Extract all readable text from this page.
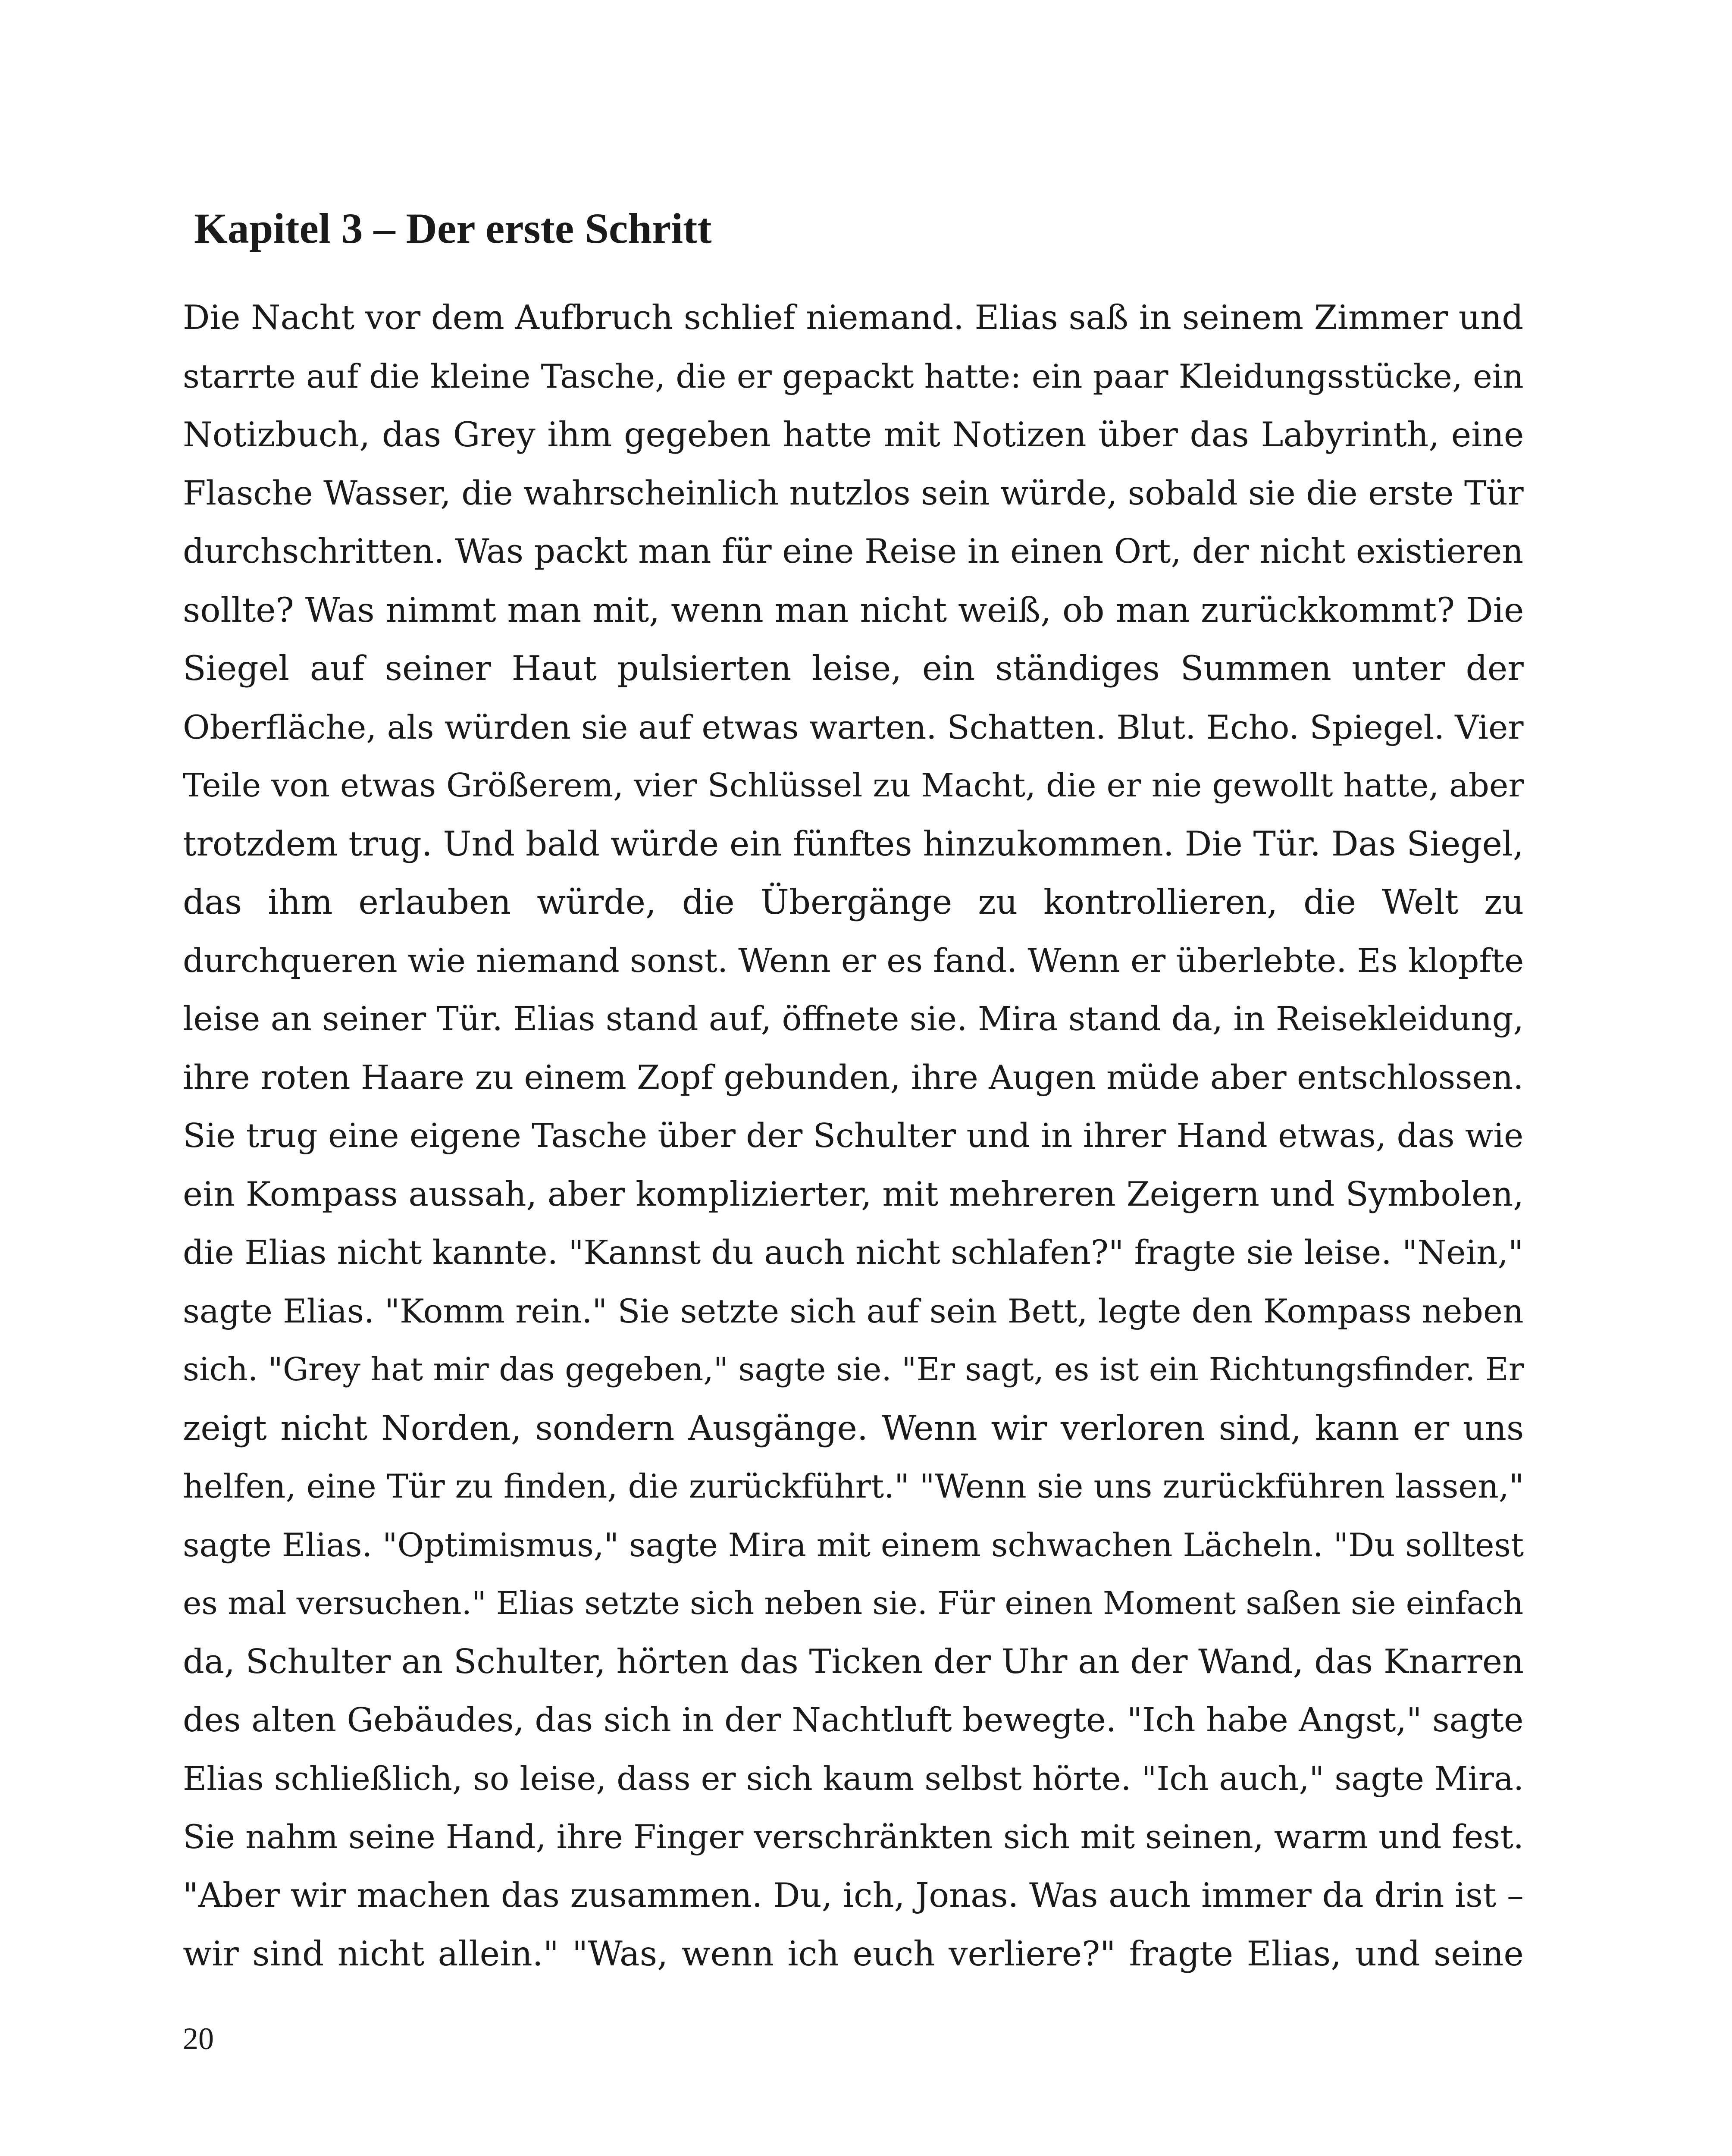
Kapitel 3 – Der erste Schritt
Die Nacht vor dem Aufbruch schlief niemand. Elias saß in seinem Zimmer und
starrte auf die kleine Tasche, die er gepackt hatte: ein paar Kleidungsstücke, ein
Notizbuch, das Grey ihm gegeben hatte mit Notizen über das Labyrinth, eine
Flasche Wasser, die wahrscheinlich nutzlos sein würde, sobald sie die erste Tür
durchschritten. Was packt man für eine Reise in einen Ort, der nicht existieren
sollte? Was nimmt man mit, wenn man nicht weiß, ob man zurückkommt? Die
Siegel auf seiner Haut pulsierten leise, ein ständiges Summen unter der
Oberfläche, als würden sie auf etwas warten. Schatten. Blut. Echo. Spiegel. Vier
Teile von etwas Größerem, vier Schlüssel zu Macht, die er nie gewollt hatte, aber
trotzdem trug. Und bald würde ein fünftes hinzukommen. Die Tür. Das Siegel,
das ihm erlauben würde, die Übergänge zu kontrollieren, die Welt zu
durchqueren wie niemand sonst. Wenn er es fand. Wenn er überlebte. Es klopfte
leise an seiner Tür. Elias stand auf, öffnete sie. Mira stand da, in Reisekleidung,
ihre roten Haare zu einem Zopf gebunden, ihre Augen müde aber entschlossen.
Sie trug eine eigene Tasche über der Schulter und in ihrer Hand etwas, das wie
ein Kompass aussah, aber komplizierter, mit mehreren Zeigern und Symbolen,
die Elias nicht kannte. "Kannst du auch nicht schlafen?" fragte sie leise. "Nein,"
sagte Elias. "Komm rein." Sie setzte sich auf sein Bett, legte den Kompass neben
sich. "Grey hat mir das gegeben," sagte sie. "Er sagt, es ist ein Richtungsfinder. Er
zeigt nicht Norden, sondern Ausgänge. Wenn wir verloren sind, kann er uns
helfen, eine Tür zu finden, die zurückführt." "Wenn sie uns zurückführen lassen,"
sagte Elias. "Optimismus," sagte Mira mit einem schwachen Lächeln. "Du solltest
es mal versuchen." Elias setzte sich neben sie. Für einen Moment saßen sie einfach
da, Schulter an Schulter, hörten das Ticken der Uhr an der Wand, das Knarren
des alten Gebäudes, das sich in der Nachtluft bewegte. "Ich habe Angst," sagte
Elias schließlich, so leise, dass er sich kaum selbst hörte. "Ich auch," sagte Mira.
Sie nahm seine Hand, ihre Finger verschränkten sich mit seinen, warm und fest.
"Aber wir machen das zusammen. Du, ich, Jonas. Was auch immer da drin ist –
wir sind nicht allein." "Was, wenn ich euch verliere?" fragte Elias, und seine
20
